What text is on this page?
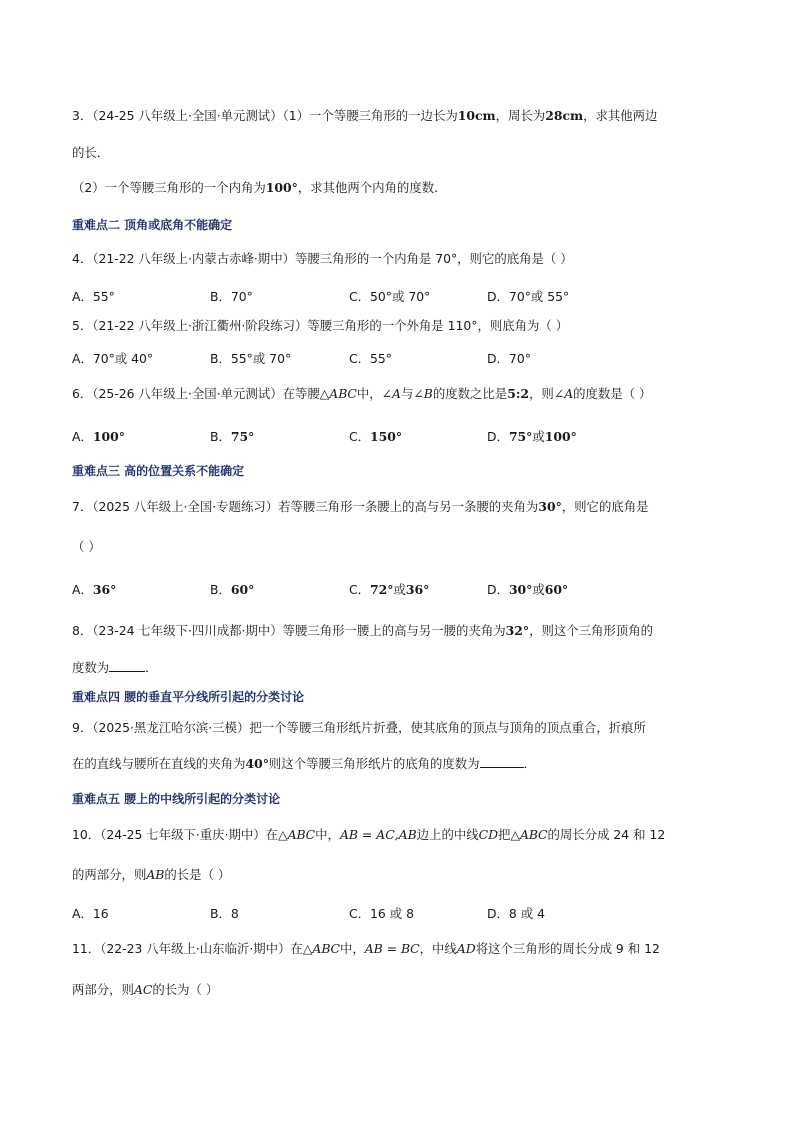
3．（24-25 八年级上·全国·单元测试）（1）一个等腰三角形的一边长为10cm，周长为28cm，求其他两边
的长．
（2）一个等腰三角形的一个内角为100°，求其他两个内角的度数．
重难点二 顶角或底角不能确定
4．（21-22 八年级上·内蒙古赤峰·期中）等腰三角形的一个内角是 70°，则它的底角是（ ）
A．55°	B．70°	C．50°或 70°	D．70°或 55°
5．（21-22 八年级上·浙江衢州·阶段练习）等腰三角形的一个外角是 110°，则底角为（ ）
A．70°或 40°	B．55°或 70°	C．55°	D．70°
6．（25-26 八年级上·全国·单元测试）在等腰△𝐴𝐵𝐶中，∠𝐴与∠𝐵的度数之比是5:2，则∠𝐴的度数是（ ）
A．100°	B．75°	C．150°	D．75°或100°
重难点三 高的位置关系不能确定
7．（2025 八年级上·全国·专题练习）若等腰三角形一条腰上的高与另一条腰的夹角为30°，则它的底角是
（ ）
A．36°	B．60°	C．72°或36°	D．30°或60°
8．（23-24 七年级下·四川成都·期中）等腰三角形一腰上的高与另一腰的夹角为32°，则这个三角形顶角的
度数为	．
重难点四 腰的垂直平分线所引起的分类讨论
9．（2025·黑龙江哈尔滨·三模）把一个等腰三角形纸片折叠，使其底角的顶点与顶角的顶点重合，折痕所
在的直线与腰所在直线的夹角为40°则这个等腰三角形纸片的底角的度数为	．
重难点五 腰上的中线所引起的分类讨论
10．（24-25 七年级下·重庆·期中）在△𝐴𝐵𝐶中，𝐴𝐵 = 𝐴𝐶,𝐴𝐵边上的中线𝐶𝐷把△𝐴𝐵𝐶的周长分成 24 和 12
的两部分，则𝐴𝐵的长是（ ）
A．16	B．8	C．16 或 8	D．8 或 4
11．（22-23 八年级上·山东临沂·期中）在△𝐴𝐵𝐶中，𝐴𝐵 = 𝐵𝐶，中线𝐴𝐷将这个三角形的周长分成 9 和 12
两部分，则𝐴𝐶的长为（ ）
